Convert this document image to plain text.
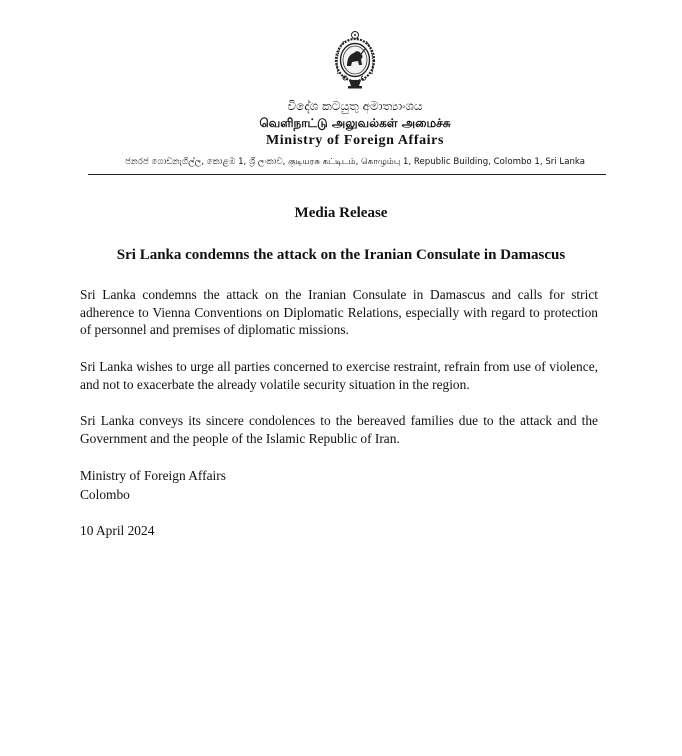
විදේශ කටයුතු අමාත්‍යාංශය
வெளிநாட்டு அலுவல்கள் அமைச்சு
Ministry of Foreign Affairs
ජනරජ ගොඩනැගිල්ල, කොළඹ 1, ශ්‍රී ලංකාව, குடியரசு கட்டிடம், கொழும்பு 1, Republic Building, Colombo 1, Sri Lanka
Media Release
Sri Lanka condemns the attack on the Iranian Consulate in Damascus

Sri Lanka condemns the attack on the Iranian Consulate in Damascus and calls for strict adherence to Vienna Conventions on Diplomatic Relations, especially with regard to protection of personnel and premises of diplomatic missions.

Sri Lanka wishes to urge all parties concerned to exercise restraint, refrain from use of violence, and not to exacerbate the already volatile security situation in the region.

Sri Lanka conveys its sincere condolences to the bereaved families due to the attack and the Government and the people of the Islamic Republic of Iran.

Ministry of Foreign Affairs
Colombo
10 April 2024
